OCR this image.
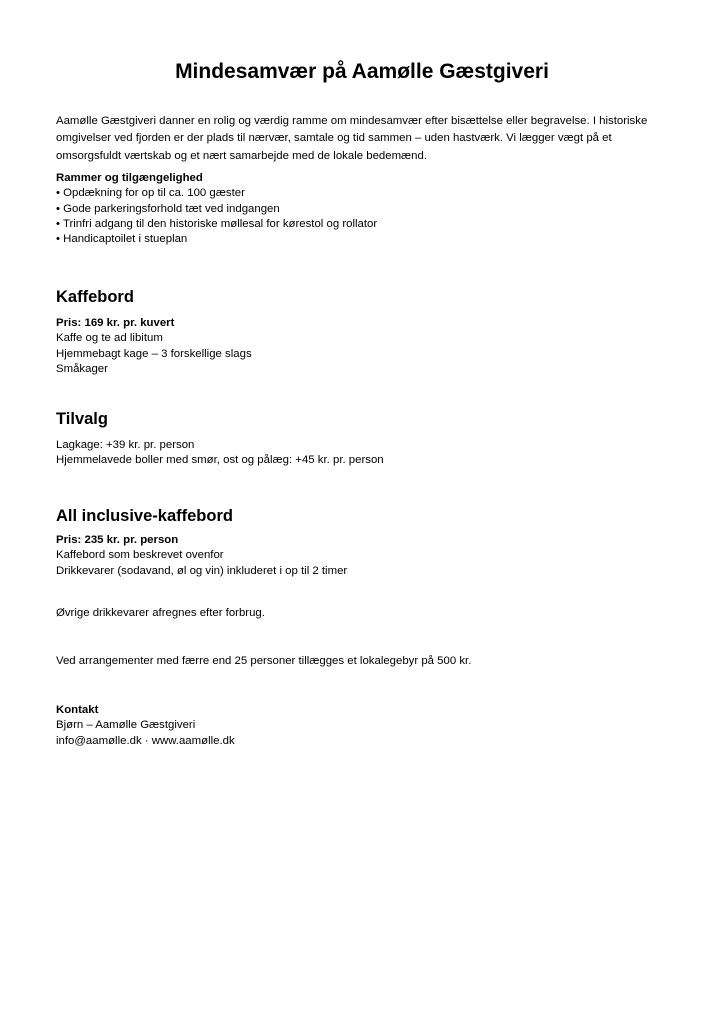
Mindesamvær på Aamølle Gæstgiveri

Aamølle Gæstgiveri danner en rolig og værdig ramme om mindesamvær efter bisættelse eller begravelse. I historiske omgivelser ved fjorden er der plads til nærvær, samtale og tid sammen – uden hastværk. Vi lægger vægt på et omsorgsfuldt værtskab og et nært samarbejde med de lokale bedemænd.

Rammer og tilgængelighed
• Opdækning for op til ca. 100 gæster
• Gode parkeringsforhold tæt ved indgangen
• Trinfri adgang til den historiske møllesal for kørestol og rollator
• Handicaptoilet i stueplan
Kaffebord
Pris: 169 kr. pr. kuvert
Kaffe og te ad libitum
Hjemmebagt kage – 3 forskellige slags
Småkager
Tilvalg
Lagkage: +39 kr. pr. person
Hjemmelavede boller med smør, ost og pålæg: +45 kr. pr. person
All inclusive-kaffebord
Pris: 235 kr. pr. person
Kaffebord som beskrevet ovenfor
Drikkevarer (sodavand, øl og vin) inkluderet i op til 2 timer
Øvrige drikkevarer afregnes efter forbrug.
Ved arrangementer med færre end 25 personer tillægges et lokalegebyr på 500 kr.
Kontakt
Bjørn – Aamølle Gæstgiveri
info@aamølle.dk · www.aamølle.dk
